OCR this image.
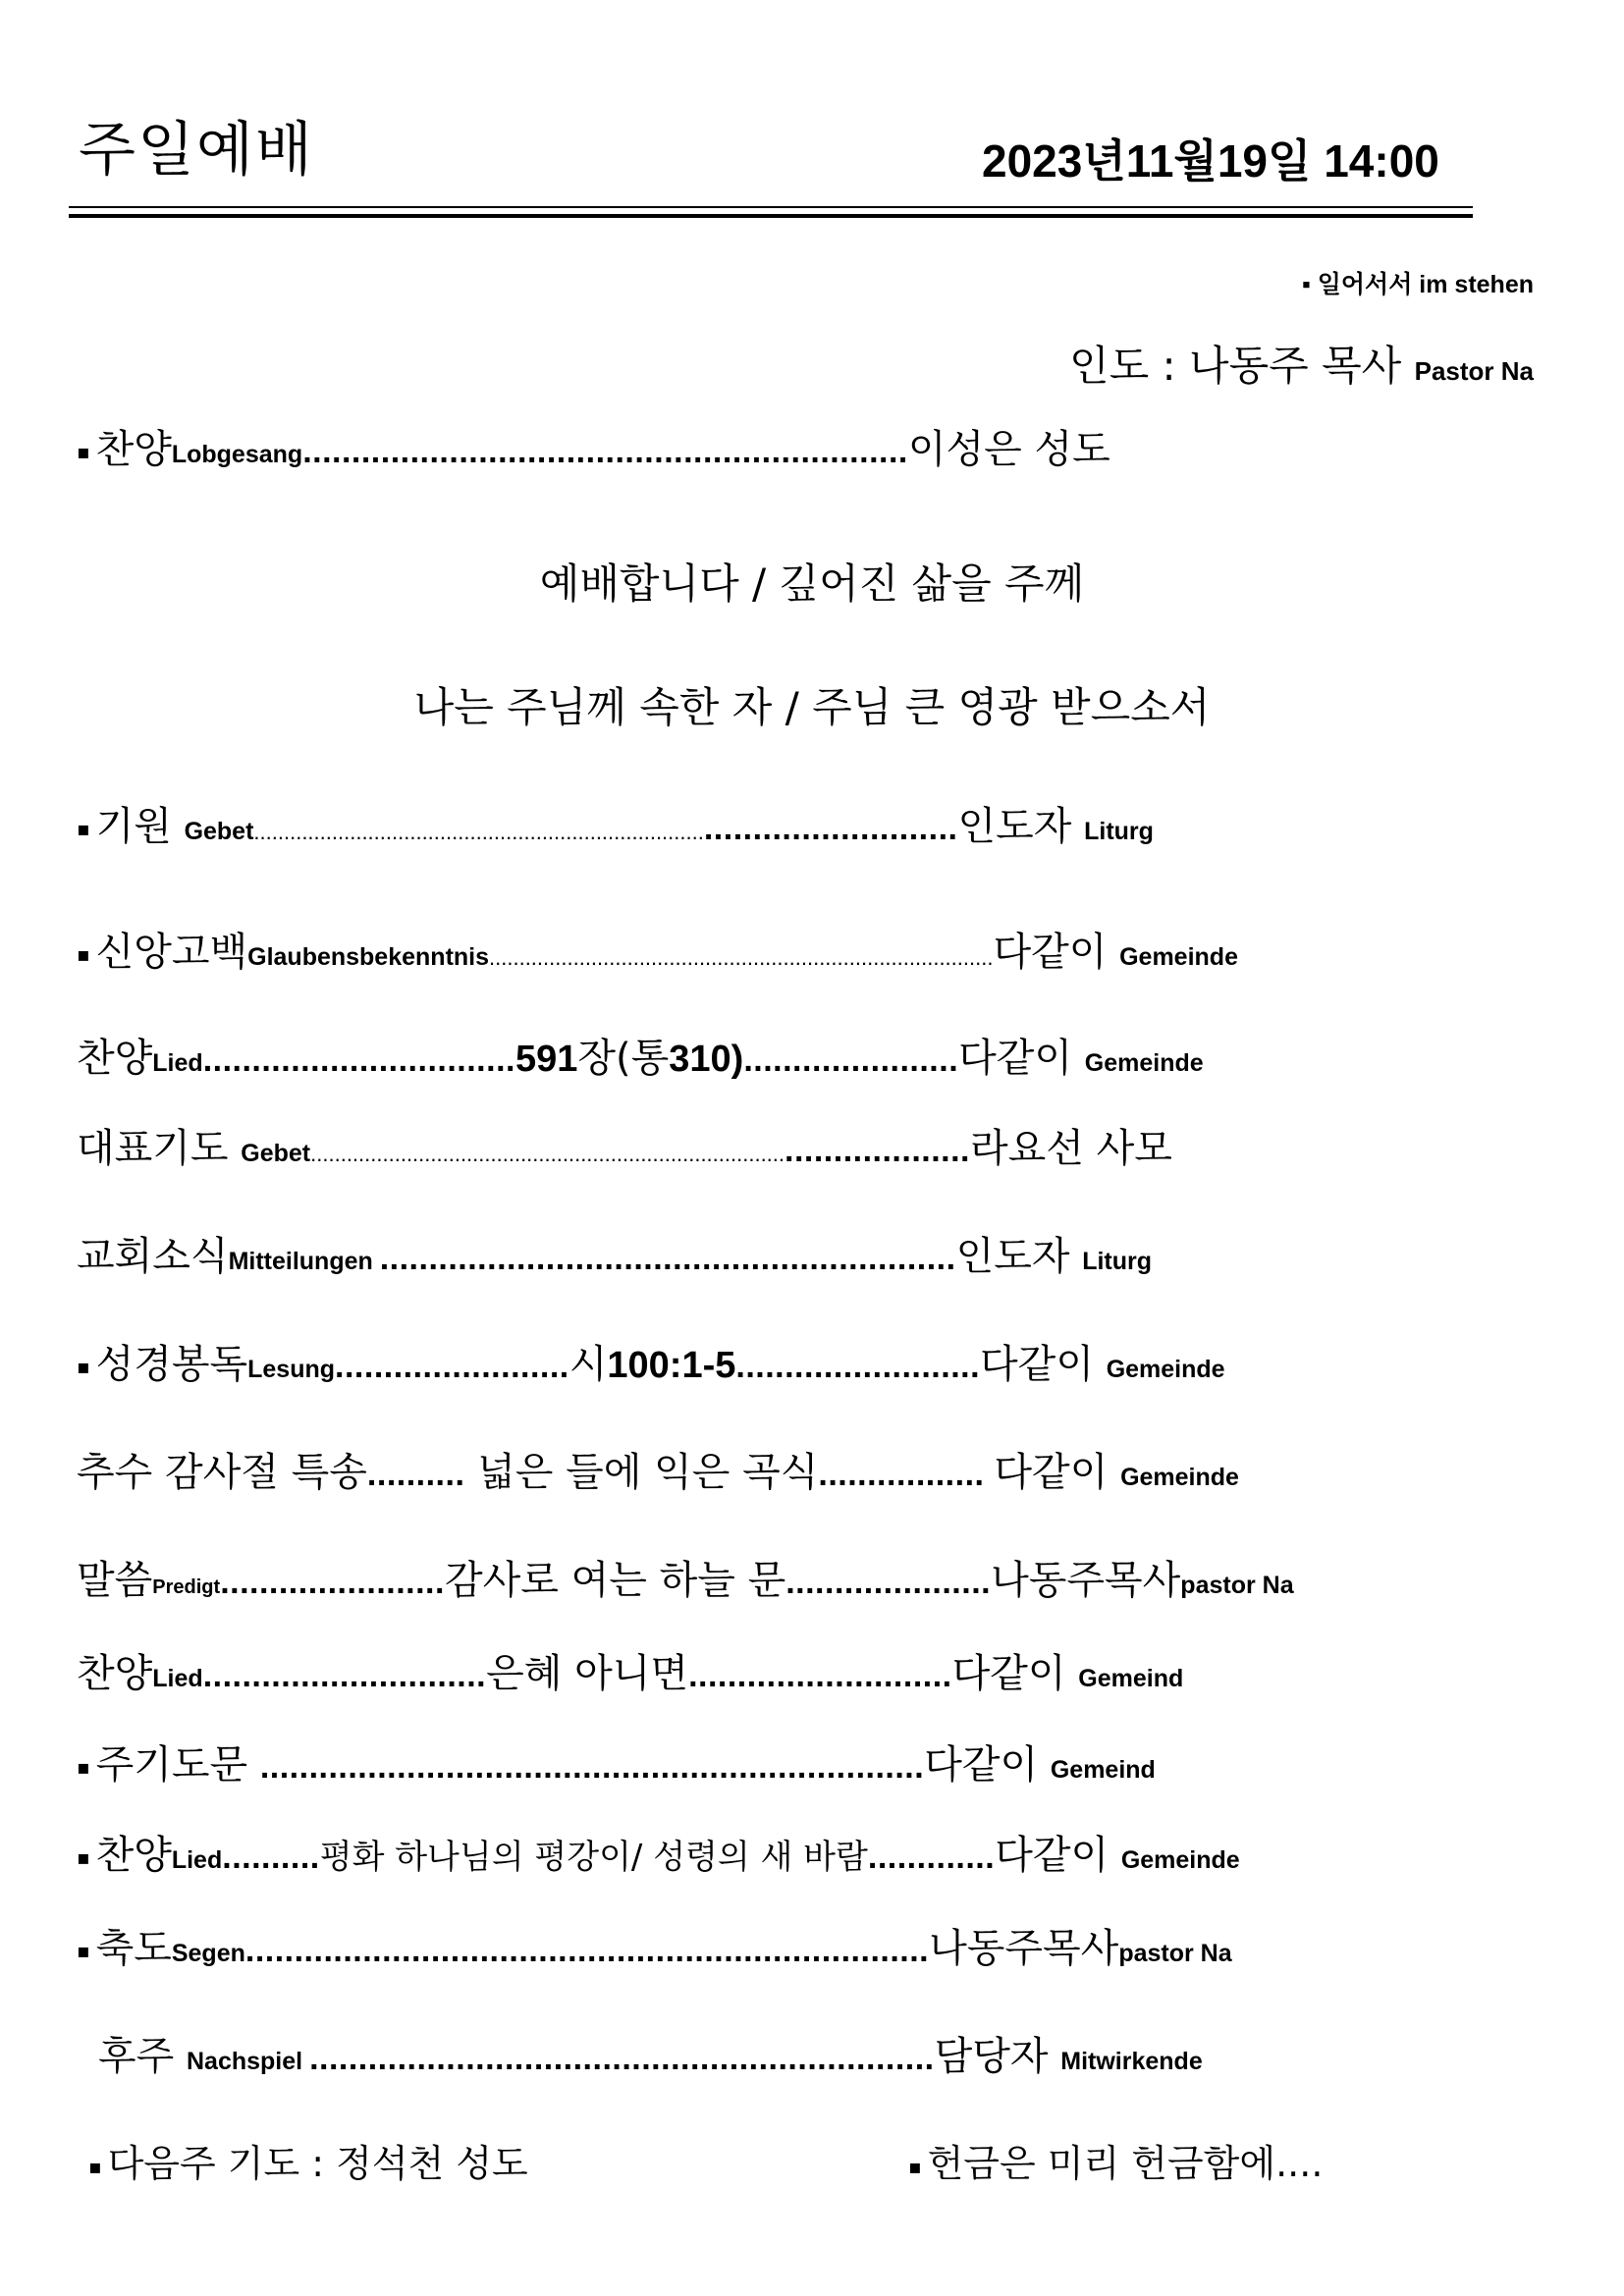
주일예배	2023년11월19일 14:00
▪ 일어서서 im stehen
인도 : 나동주 목사 Pastor Na
▪ 찬양Lobgesang..............................................................이성은 성도
예배합니다 / 깊어진 삶을 주께
나는 주님께 속한 자 / 주님 큰 영광 받으소서
▪ 기원 Gebet.....................................................................................................인도자 Liturg
▪ 신앙고백Glaubensbekenntnis....................................................................................다같이 Gemeinde
찬양Lied................................591장(통310)......................다같이 Gemeinde
대표기도 Gebet..................................................................................................라요선 사모
교회소식Mitteilungen ...........................................................인도자 Liturg
▪ 성경봉독Lesung........................시100:1-5.........................다같이 Gemeinde
추수 감사절 특송.......... 넓은 들에 익은 곡식................. 다같이 Gemeinde
말씀Predigt.......................감사로 여는 하늘 문.....................나동주목사pastor Na
찬양Lied.............................은혜 아니면...........................다같이 Gemeind
▪ 주기도문 ....................................................................다같이 Gemeind
▪ 찬양Lied..........평화 하나님의 평강이/ 성령의 새 바람.............다같이 Gemeinde
▪ 축도Segen......................................................................나동주목사pastor Na
후주 Nachspiel ................................................................담당자 Mitwirkende
▪ 다음주 기도 : 정석천 성도	▪ 헌금은 미리 헌금함에....
